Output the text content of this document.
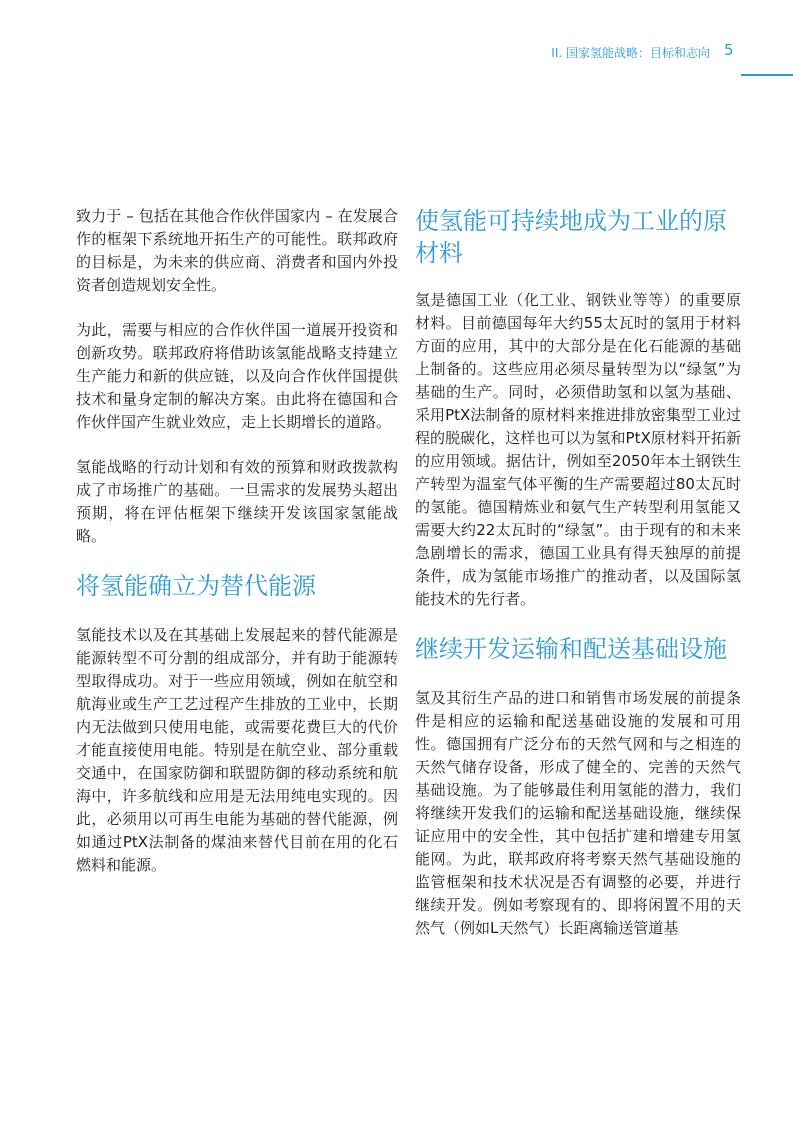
II. 国家氢能战略：目标和志向 5

致力于 – 包括在其他合作伙伴国家内 – 在发展合作的框架下系统地开拓生产的可能性。联邦政府的目标是，为未来的供应商、消费者和国内外投资者创造规划安全性。

为此，需要与相应的合作伙伴国一道展开投资和创新攻势。联邦政府将借助该氢能战略支持建立生产能力和新的供应链，以及向合作伙伴国提供技术和量身定制的解决方案。由此将在德国和合作伙伴国产生就业效应，走上长期增长的道路。

氢能战略的行动计划和有效的预算和财政拨款构成了市场推广的基础。一旦需求的发展势头超出预期，将在评估框架下继续开发该国家氢能战略。

将氢能确立为替代能源

氢能技术以及在其基础上发展起来的替代能源是能源转型不可分割的组成部分，并有助于能源转型取得成功。对于一些应用领域，例如在航空和航海业或生产工艺过程产生排放的工业中，长期内无法做到只使用电能，或需要花费巨大的代价才能直接使用电能。特别是在航空业、部分重载交通中，在国家防御和联盟防御的移动系统和航海中，许多航线和应用是无法用纯电实现的。因此，必须用以可再生电能为基础的替代能源，例如通过PtX法制备的煤油来替代目前在用的化石燃料和能源。

使氢能可持续地成为工业的原材料

氢是德国工业（化工业、钢铁业等等）的重要原材料。目前德国每年大约55太瓦时的氢用于材料方面的应用，其中的大部分是在化石能源的基础上制备的。这些应用必须尽量转型为以“绿氢”为基础的生产。同时，必须借助氢和以氢为基础、采用PtX法制备的原材料来推进排放密集型工业过程的脱碳化，这样也可以为氢和PtX原材料开拓新的应用领域。据估计，例如至2050年本土钢铁生产转型为温室气体平衡的生产需要超过80太瓦时的氢能。德国精炼业和氨气生产转型利用氢能又需要大约22太瓦时的“绿氢”。由于现有的和未来急剧增长的需求，德国工业具有得天独厚的前提条件，成为氢能市场推广的推动者，以及国际氢能技术的先行者。

继续开发运输和配送基础设施

氢及其衍生产品的进口和销售市场发展的前提条件是相应的运输和配送基础设施的发展和可用性。德国拥有广泛分布的天然气网和与之相连的天然气储存设备，形成了健全的、完善的天然气基础设施。为了能够最佳利用氢能的潜力，我们将继续开发我们的运输和配送基础设施，继续保证应用中的安全性，其中包括扩建和增建专用氢能网。为此，联邦政府将考察天然气基础设施的监管框架和技术状况是否有调整的必要，并进行继续开发。例如考察现有的、即将闲置不用的天然气（例如L天然气）长距离输送管道基
